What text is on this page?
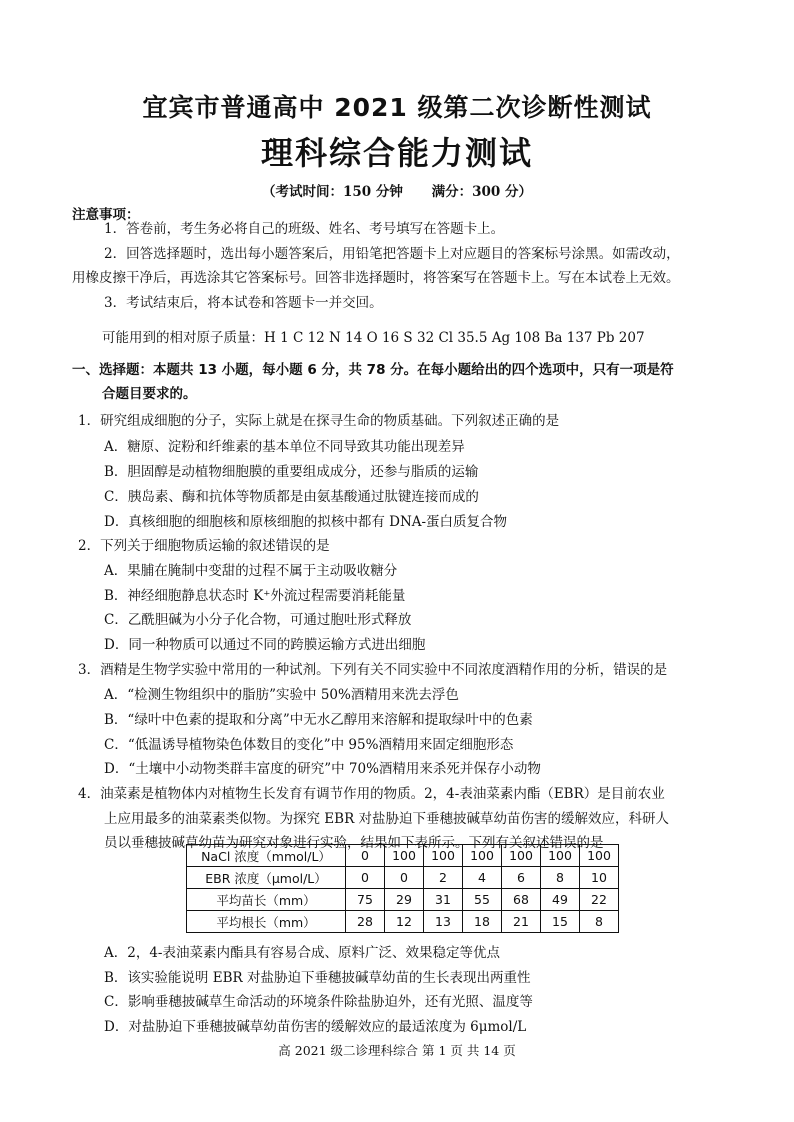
宜宾市普通高中 2021 级第二次诊断性测试
理科综合能力测试
（考试时间：150 分钟 满分：300 分）
注意事项：
1．答卷前，考生务必将自己的班级、姓名、考号填写在答题卡上。
2．回答选择题时，选出每小题答案后，用铅笔把答题卡上对应题目的答案标号涂黑。如需改动，
用橡皮擦干净后，再选涂其它答案标号。回答非选择题时，将答案写在答题卡上。写在本试卷上无效。
3．考试结束后，将本试卷和答题卡一并交回。
可能用到的相对原子质量：H 1 C 12 N 14 O 16 S 32 Cl 35.5 Ag 108 Ba 137 Pb 207
一、选择题：本题共 13 小题，每小题 6 分，共 78 分。在每小题给出的四个选项中，只有一项是符
合题目要求的。
1．研究组成细胞的分子，实际上就是在探寻生命的物质基础。下列叙述正确的是
A．糖原、淀粉和纤维素的基本单位不同导致其功能出现差异
B．胆固醇是动植物细胞膜的重要组成成分，还参与脂质的运输
C．胰岛素、酶和抗体等物质都是由氨基酸通过肽键连接而成的
D．真核细胞的细胞核和原核细胞的拟核中都有 DNA-蛋白质复合物
2．下列关于细胞物质运输的叙述错误的是
A．果脯在腌制中变甜的过程不属于主动吸收糖分
B．神经细胞静息状态时 K⁺外流过程需要消耗能量
C．乙酰胆碱为小分子化合物，可通过胞吐形式释放
D．同一种物质可以通过不同的跨膜运输方式进出细胞
3．酒精是生物学实验中常用的一种试剂。下列有关不同实验中不同浓度酒精作用的分析，错误的是
A．“检测生物组织中的脂肪”实验中 50%酒精用来洗去浮色
B．“绿叶中色素的提取和分离”中无水乙醇用来溶解和提取绿叶中的色素
C．“低温诱导植物染色体数目的变化”中 95%酒精用来固定细胞形态
D．“土壤中小动物类群丰富度的研究”中 70%酒精用来杀死并保存小动物
4．油菜素是植物体内对植物生长发育有调节作用的物质。2，4-表油菜素内酯（EBR）是目前农业
上应用最多的油菜素类似物。为探究 EBR 对盐胁迫下垂穗披碱草幼苗伤害的缓解效应，科研人
员以垂穗披碱草幼苗为研究对象进行实验，结果如下表所示。下列有关叙述错误的是
NaCl 浓度（mmol/L）	0	100	100	100	100	100	100
EBR 浓度（μmol/L）	0	0	2	4	6	8	10
平均苗长（mm）	75	29	31	55	68	49	22
平均根长（mm）	28	12	13	18	21	15	8
A．2，4-表油菜素内酯具有容易合成、原料广泛、效果稳定等优点
B．该实验能说明 EBR 对盐胁迫下垂穗披碱草幼苗的生长表现出两重性
C．影响垂穗披碱草生命活动的环境条件除盐胁迫外，还有光照、温度等
D．对盐胁迫下垂穗披碱草幼苗伤害的缓解效应的最适浓度为 6μmol/L
高 2021 级二诊理科综合 第 1 页 共 14 页
